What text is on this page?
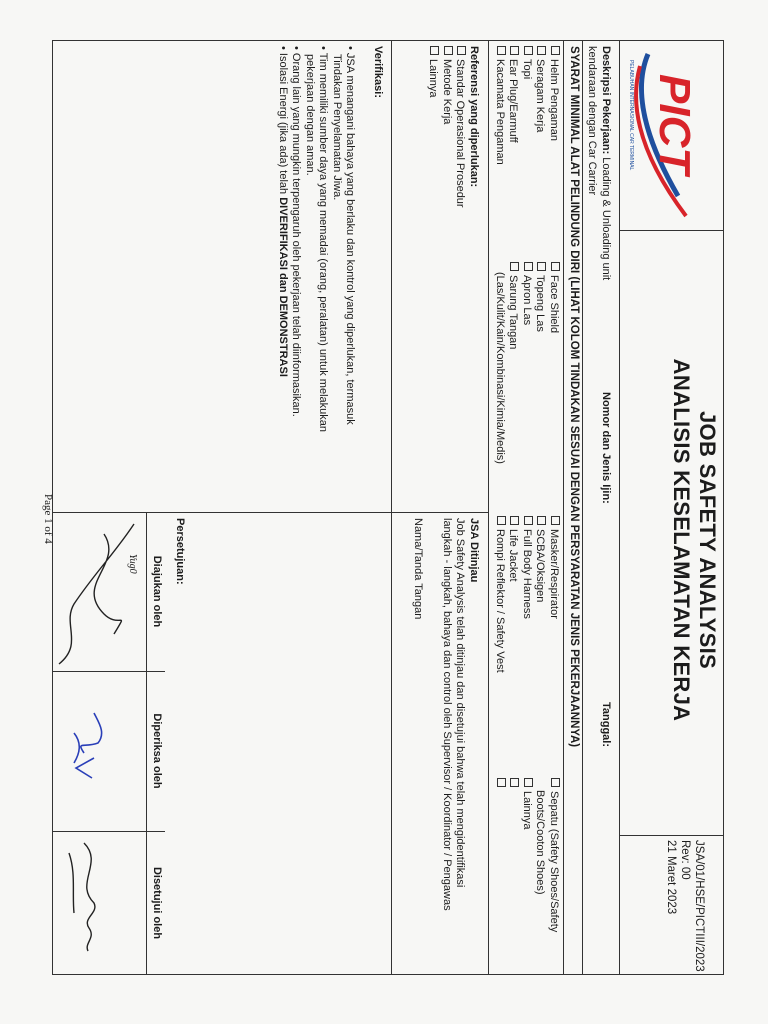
PICT
PELABUHAN INTERNASIONAL CAR TERMINAL
JOB SAFETY ANALYSIS
ANALISIS KESELAMATAN KERJA
JSA/01/HSE/PICTIII/2023
Rev: 00
21 Maret 2023
Deskripsi Pekerjaan: Loading & Unloading unit
kendaraan dengan Car Carrier
Nomor dan Jenis Ijin:
Tanggal:
SYARAT MINIMAL ALAT PELINDUNG DIRI (LIHAT KOLOM TINDAKAN SESUAI DENGAN PERSYARATAN JENIS PEKERJAANNYA)
Helm Pengaman
Seragam Kerja
Topi
Ear Plug/Earmuff
Kacamata Pengaman
Face Shield
Topeng Las
Apron Las
Sarung Tangan
(Las/Kulit/Kain/Kombinasi/Kimia/Medis)
Masker/Respirator
SCBA/Oksigen
Full Body Harness
Life Jacket
Rompi Reflektor / Safety Vest
Sepatu (Safety Shoes/Safety
Boots/Cooton Shoes)
Lainnya
Referensi yang diperlukan:
Standar Operasional Prosedur
Metode Kerja
Lainnya
JSA Ditinjau
Job Safety Analysis telah ditinjau dan disetujui bahwa telah mengidentifikasi
langkah - langkah, bahaya dan control oleh Supervisor / Koordinator / Pengawas
Nama/Tanda Tangan
Verifikasi:
• JSA menangani bahaya yang berlaku dan kontrol yang diperlukan, termasuk
Tindakan Penyelamatan Jiwa.
• Tim memiliki sumber daya yang memadai (orang, peralatan) untuk melakukan
pekerjaan dengan aman.
• Orang lain yang mungkin terpengaruh oleh pekerjaan telah diinformasikan.
• Isolasi Energi (jika ada) telah DIVERIFIKASI dan DEMONSTRASI
Persetujuan:
Diajukan oleh
Diperiksa oleh
Disetujui oleh
Yug0
Page 1 of 4
